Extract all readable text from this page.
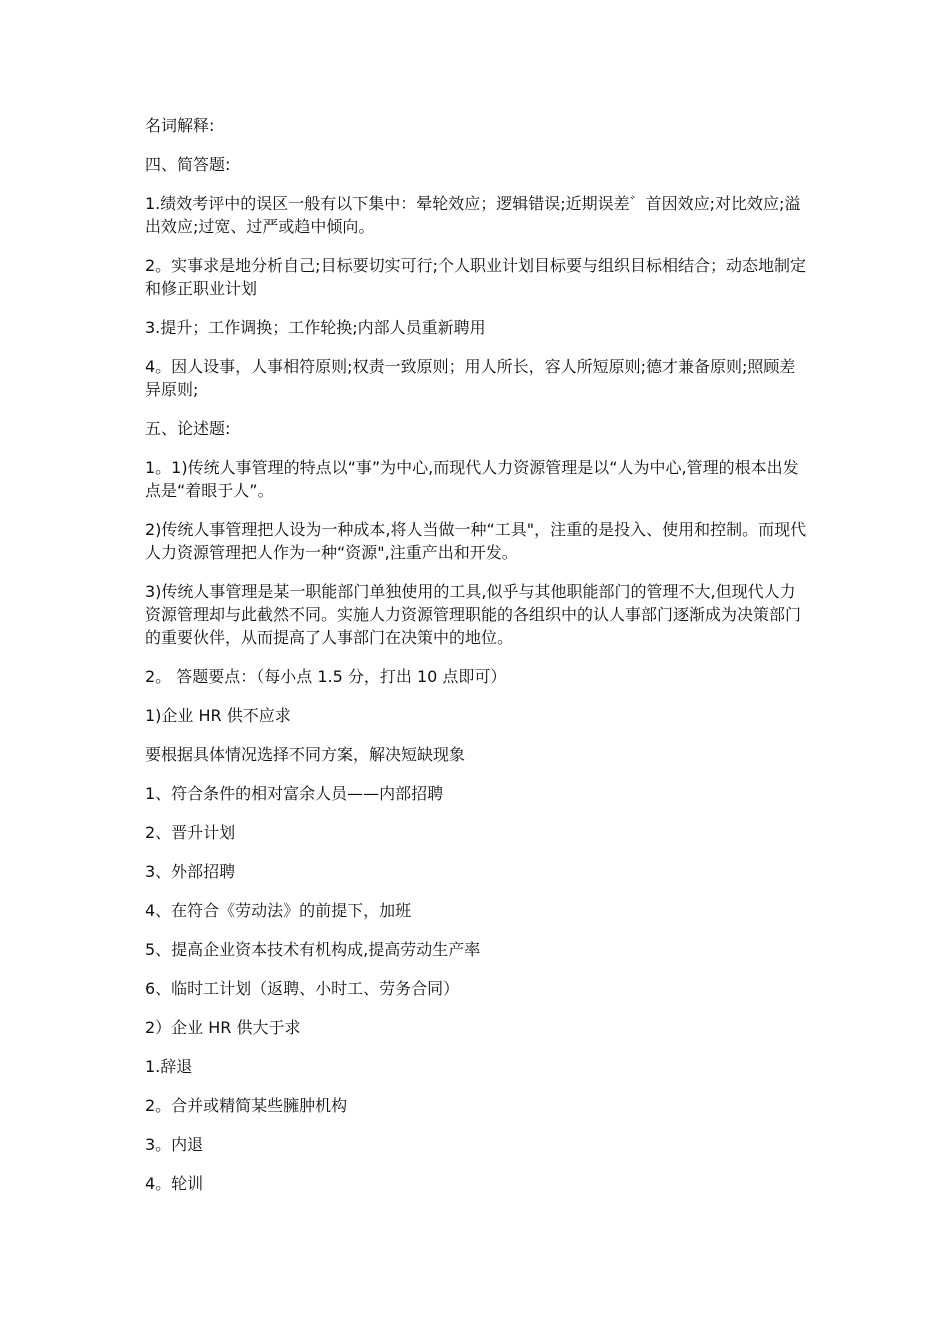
名词解释:

四、简答题:

1.绩效考评中的误区一般有以下集中：晕轮效应；逻辑错误;近期误差゛首因效应;对比效应;溢出效应;过宽、过严或趋中倾向。

2。实事求是地分析自己;目标要切实可行;个人职业计划目标要与组织目标相结合；动态地制定和修正职业计划

3.提升；工作调换；工作轮换;内部人员重新聘用

4。因人设事，人事相符原则;权责一致原则；用人所长，容人所短原则;德才兼备原则;照顾差异原则;

五、论述题:

1。1)传统人事管理的特点以“事”为中心,而现代人力资源管理是以“人为中心,管理的根本出发点是“着眼于人”。

2)传统人事管理把人设为一种成本,将人当做一种“工具"，注重的是投入、使用和控制。而现代人力资源管理把人作为一种“资源",注重产出和开发。

3)传统人事管理是某一职能部门单独使用的工具,似乎与其他职能部门的管理不大,但现代人力资源管理却与此截然不同。实施人力资源管理职能的各组织中的认人事部门逐渐成为决策部门的重要伙伴，从而提高了人事部门在决策中的地位。

2。 答题要点：（每小点 1.5 分，打出 10 点即可）

1)企业 HR 供不应求

要根据具体情况选择不同方案，解决短缺现象

1、符合条件的相对富余人员——内部招聘

2、晋升计划

3、外部招聘

4、在符合《劳动法》的前提下，加班

5、提高企业资本技术有机构成,提高劳动生产率

6、临时工计划（返聘、小时工、劳务合同）

2）企业 HR 供大于求

1.辞退

2。合并或精简某些臃肿机构

3。内退

4。轮训
